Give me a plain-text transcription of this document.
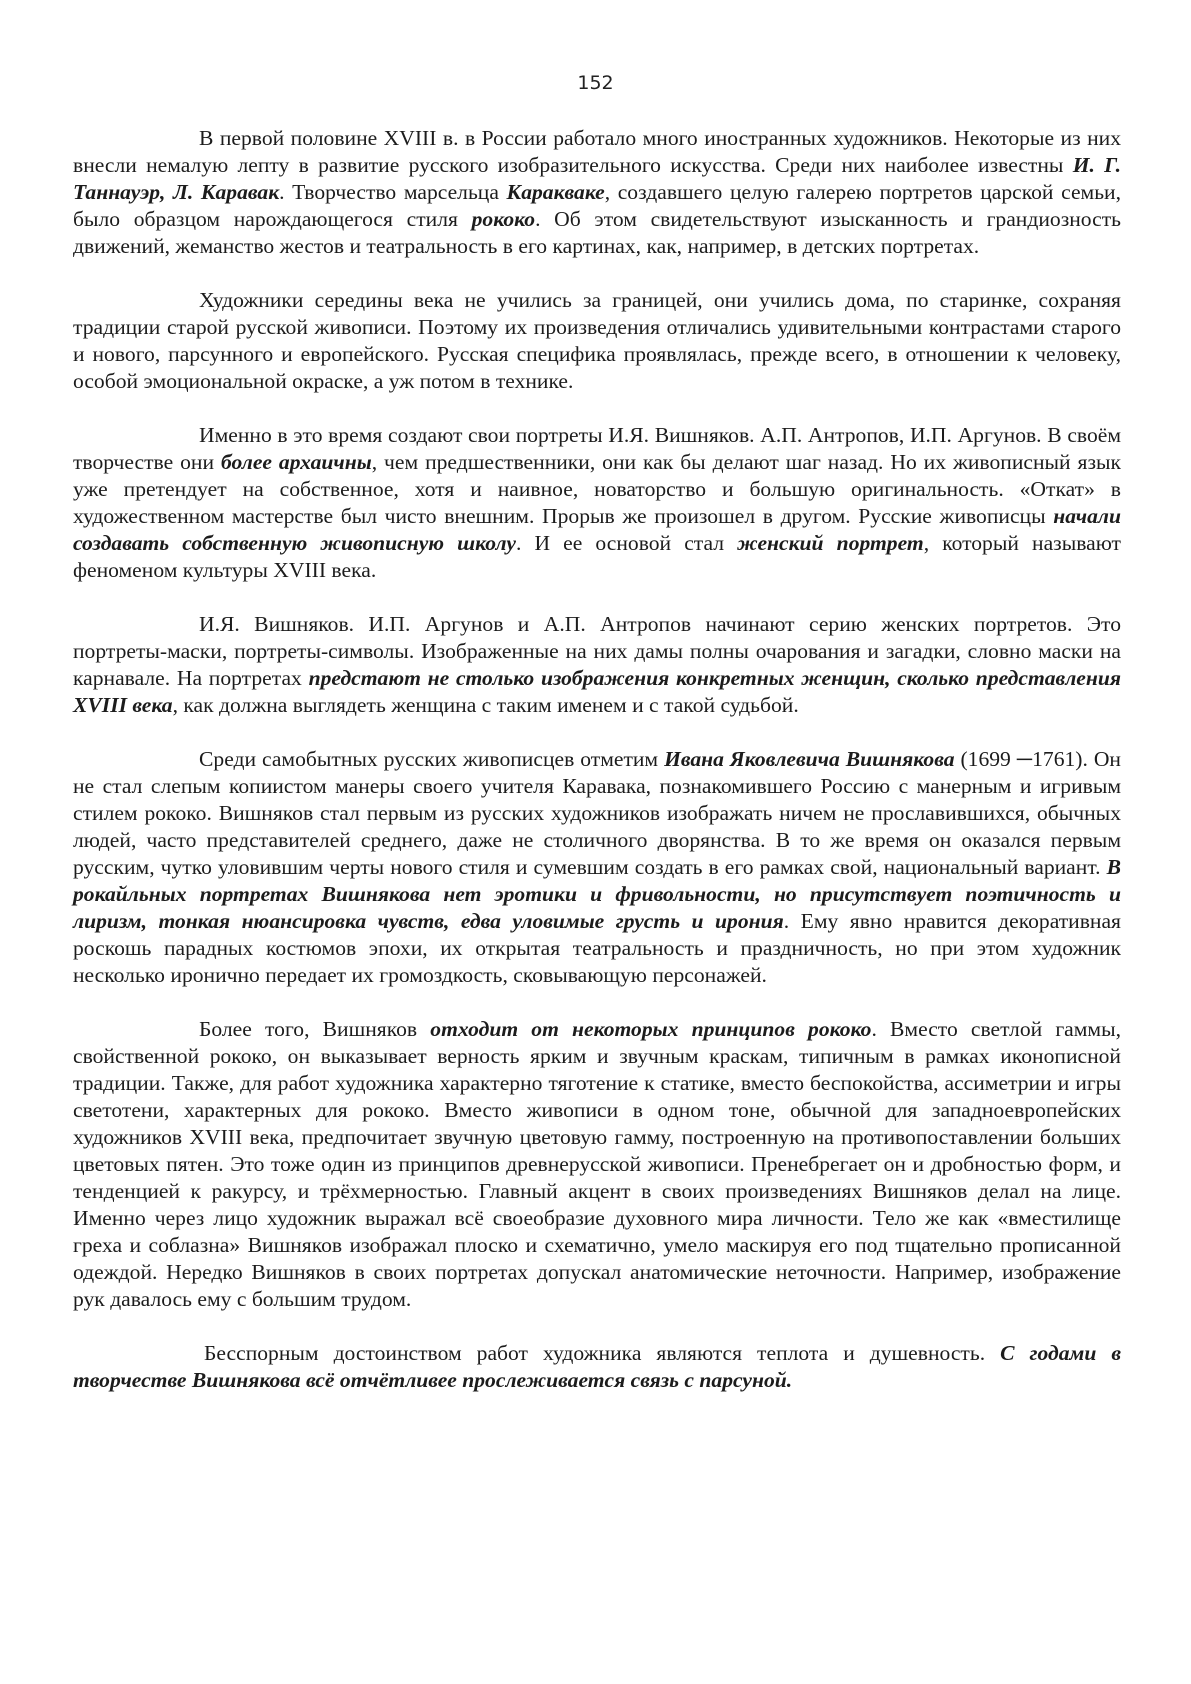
152

В первой половине XVIII в. в России работало много иностранных художников. Некоторые из них внесли немалую лепту в развитие русского изобразительного искусства. Среди них наиболее известны И. Г. Таннауэр, Л. Каравак. Творчество марсельца Каракваке, создавшего целую галерею портретов царской семьи, было образцом нарождающегося стиля рококо. Об этом свидетельствуют изысканность и грандиозность движений, жеманство жестов и театральность в его картинах, как, например, в детских портретах.

Художники середины века не учились за границей, они учились дома, по старинке, сохраняя традиции старой русской живописи. Поэтому их произведения отличались удивительными контрастами старого и нового, парсунного и европейского. Русская специфика проявлялась, прежде всего, в отношении к человеку, особой эмоциональной окраске, а уж потом в технике.

Именно в это время создают свои портреты И.Я. Вишняков. А.П. Антропов, И.П. Аргунов. В своём творчестве они более архаичны, чем предшественники, они как бы делают шаг назад. Но их живописный язык уже претендует на собственное, хотя и наивное, новаторство и большую оригинальность. «Откат» в художественном мастерстве был чисто внешним. Прорыв же произошел в другом. Русские живописцы начали создавать собственную живописную школу. И ее основой стал женский портрет, который называют феноменом культуры XVIII века.

И.Я. Вишняков. И.П. Аргунов и А.П. Антропов начинают серию женских портретов. Это портреты-маски, портреты-символы. Изображенные на них дамы полны очарования и загадки, словно маски на карнавале. На портретах предстают не столько изображения конкретных женщин, сколько представления XVIII века, как должна выглядеть женщина с таким именем и с такой судьбой.

Среди самобытных русских живописцев отметим Ивана Яковлевича Вишнякова (1699 ─1761). Он не стал слепым копиистом манеры своего учителя Каравака, познакомившего Россию с манерным и игривым стилем рококо. Вишняков стал первым из русских художников изображать ничем не прославившихся, обычных людей, часто представителей среднего, даже не столичного дворянства. В то же время он оказался первым русским, чутко уловившим черты нового стиля и сумевшим создать в его рамках свой, национальный вариант. В рокайльных портретах Вишнякова нет эротики и фривольности, но присутствует поэтичность и лиризм, тонкая нюансировка чувств, едва уловимые грусть и ирония. Ему явно нравится декоративная роскошь парадных костюмов эпохи, их открытая театральность и праздничность, но при этом художник несколько иронично передает их громоздкость, сковывающую персонажей.

Более того, Вишняков отходит от некоторых принципов рококо. Вместо светлой гаммы, свойственной рококо, он выказывает верность ярким и звучным краскам, типичным в рамках иконописной традиции. Также, для работ художника характерно тяготение к статике, вместо беспокойства, ассиметрии и игры светотени, характерных для рококо. Вместо живописи в одном тоне, обычной для западноевропейских художников XVIII века, предпочитает звучную цветовую гамму, построенную на противопоставлении больших цветовых пятен. Это тоже один из принципов древнерусской живописи. Пренебрегает он и дробностью форм, и тенденцией к ракурсу, и трёхмерностью. Главный акцент в своих произведениях Вишняков делал на лице. Именно через лицо художник выражал всё своеобразие духовного мира личности. Тело же как «вместилище греха и соблазна» Вишняков изображал плоско и схематично, умело маскируя его под тщательно прописанной одеждой. Нередко Вишняков в своих портретах допускал анатомические неточности. Например, изображение рук давалось ему с большим трудом.

Бесспорным достоинством работ художника являются теплота и душевность. С годами в творчестве Вишнякова всё отчётливее прослеживается связь с парсуной.
